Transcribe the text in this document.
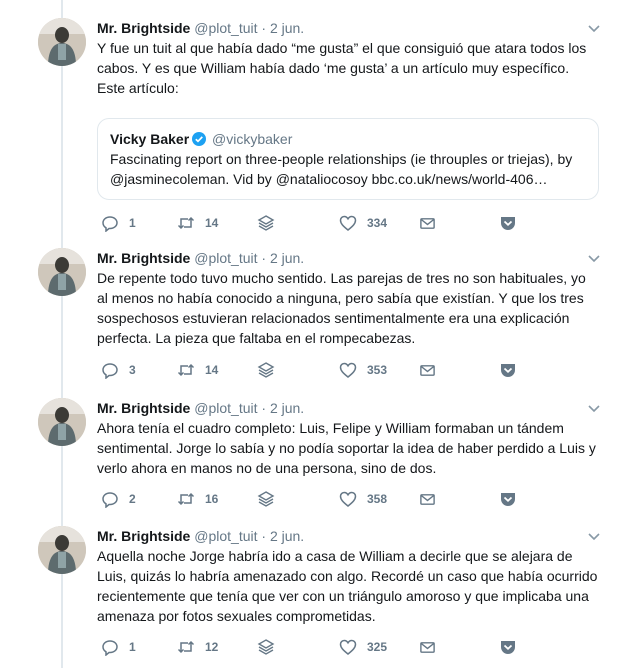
Mr. Brightside @plot_tuit · 2 jun.
Y fue un tuit al que había dado “me gusta” el que consiguió que atara todos los
cabos. Y es que William había dado ‘me gusta’ a un artículo muy específico.
Este artículo:
Vicky Baker @vickybaker
Fascinating report on three-people relationships (ie throuples or triejas), by
@jasminecoleman. Vid by @nataliocosoy bbc.co.uk/news/world-406…
1	14	334
Mr. Brightside @plot_tuit · 2 jun.
De repente todo tuvo mucho sentido. Las parejas de tres no son habituales, yo
al menos no había conocido a ninguna, pero sabía que existían. Y que los tres
sospechosos estuvieran relacionados sentimentalmente era una explicación
perfecta. La pieza que faltaba en el rompecabezas.
3	14	353
Mr. Brightside @plot_tuit · 2 jun.
Ahora tenía el cuadro completo: Luis, Felipe y William formaban un tándem
sentimental. Jorge lo sabía y no podía soportar la idea de haber perdido a Luis y
verlo ahora en manos no de una persona, sino de dos.
2	16	358
Mr. Brightside @plot_tuit · 2 jun.
Aquella noche Jorge habría ido a casa de William a decirle que se alejara de
Luis, quizás lo habría amenazado con algo. Recordé un caso que había ocurrido
recientemente que tenía que ver con un triángulo amoroso y que implicaba una
amenaza por fotos sexuales comprometidas.
1	12	325
